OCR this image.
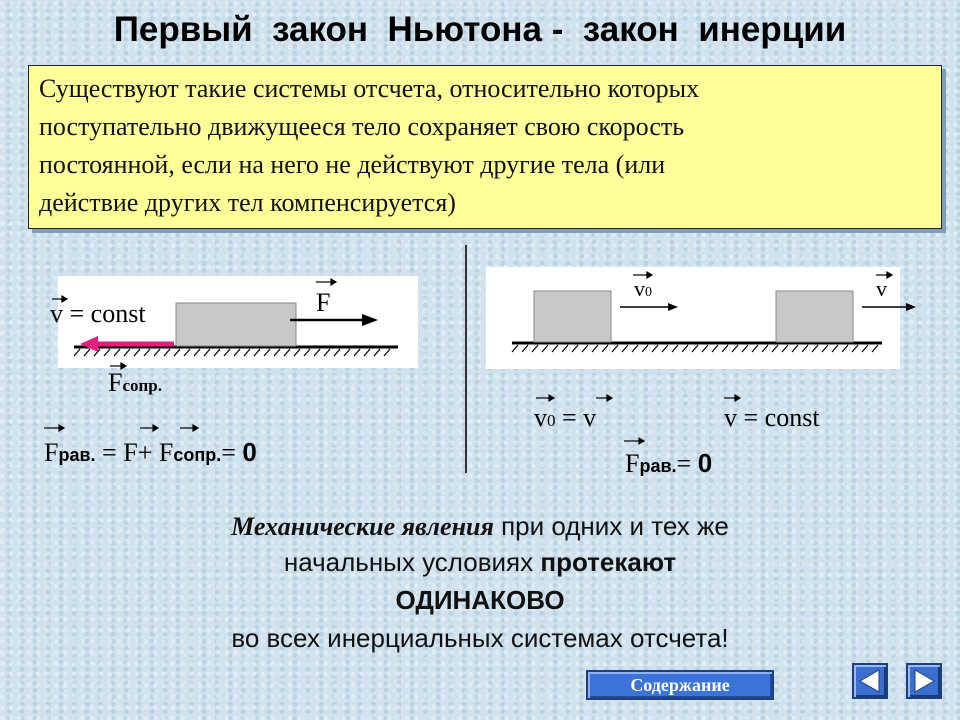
Первый  закон  Ньютона -  закон  инерции
Существуют такие системы отсчета, относительно которых
поступательно движущееся тело сохраняет свою скорость
постоянной, если на него не действуют другие тела (или
действие других тел компенсируется)
v = const	F
Fсопр.
Fрав. = F+ Fсопр.= 0
v0	v
v0 = v	v = const
Fрав.= 0
Механические явления при одних и тех же
начальных условиях протекают
ОДИНАКОВО
во всех инерциальных системах отсчета!
Содержание
